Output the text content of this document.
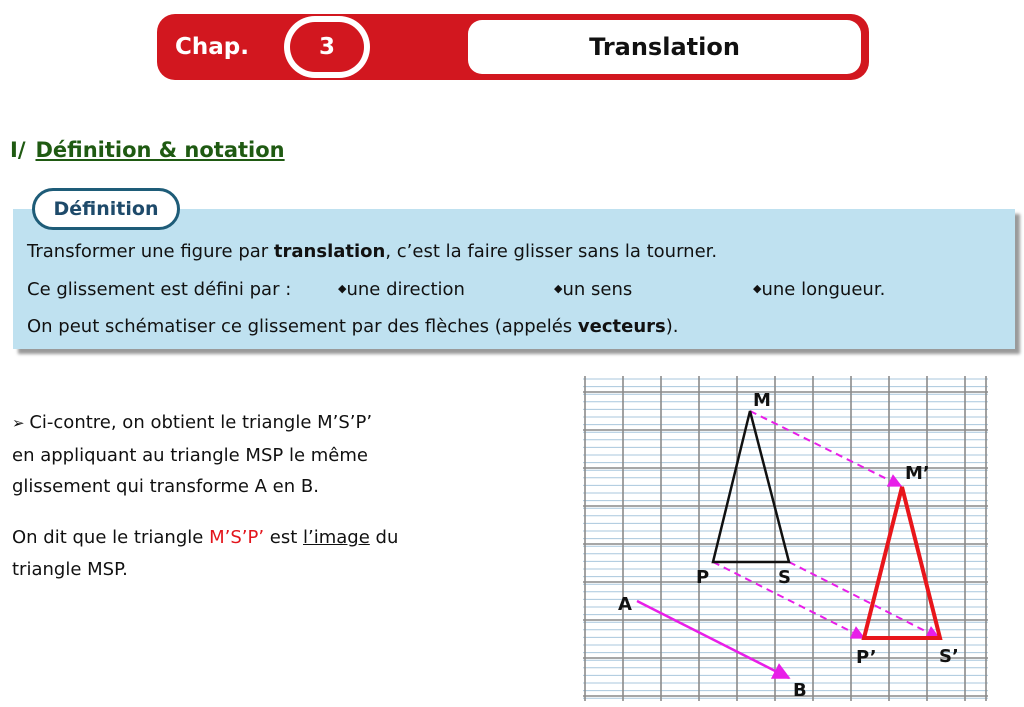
Chap.	3	Translation
I/ Définition & notation
Définition
Transformer une figure par translation, c’est la faire glisser sans la tourner.
Ce glissement est défini par :	◆une direction	◆un sens	◆une longueur.
On peut schématiser ce glissement par des flèches (appelés vecteurs).
➢ Ci-contre, on obtient le triangle M’S’P’
en appliquant au triangle MSP le même
glissement qui transforme A en B.
On dit que le triangle M’S’P’ est l’image du
triangle MSP.
M
P	S
M’
P’	S’
A
B
